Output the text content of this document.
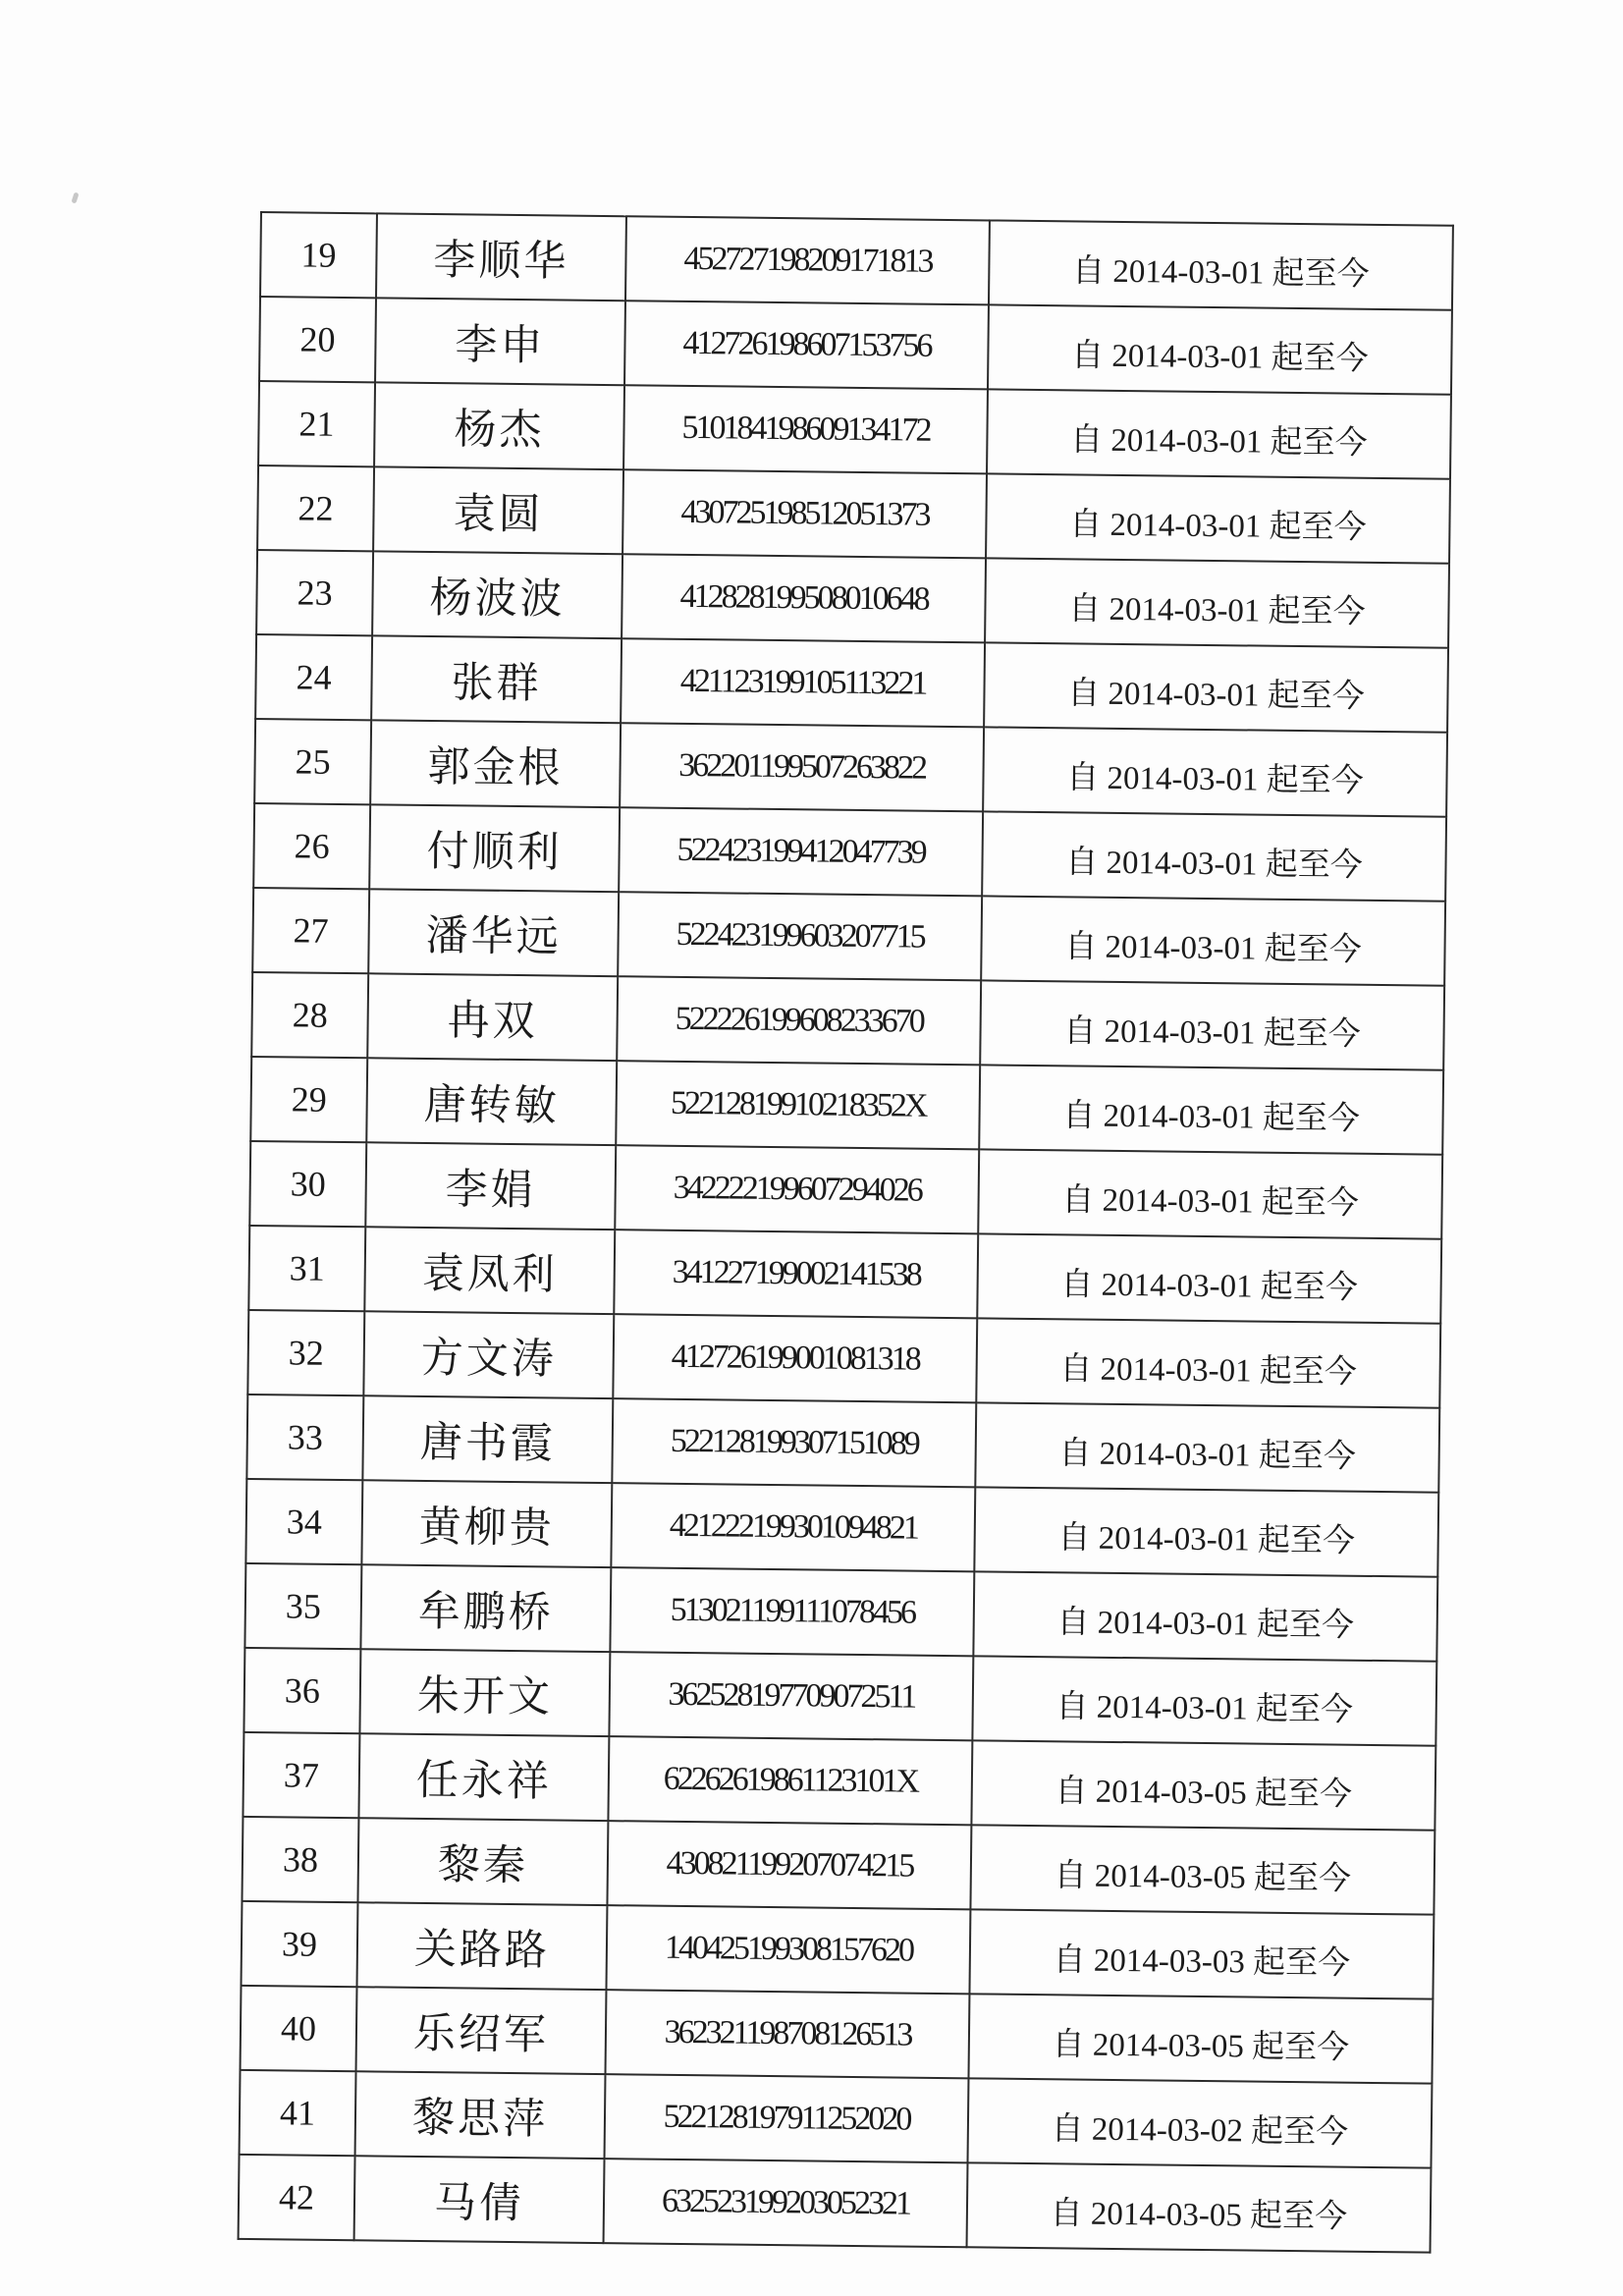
19	李顺华	452727198209171813	自 2014-03-01 起至今
20	李申	412726198607153756	自 2014-03-01 起至今
21	杨杰	510184198609134172	自 2014-03-01 起至今
22	袁圆	430725198512051373	自 2014-03-01 起至今
23	杨波波	412828199508010648	自 2014-03-01 起至今
24	张群	421123199105113221	自 2014-03-01 起至今
25	郭金根	362201199507263822	自 2014-03-01 起至今
26	付顺利	522423199412047739	自 2014-03-01 起至今
27	潘华远	522423199603207715	自 2014-03-01 起至今
28	冉双	522226199608233670	自 2014-03-01 起至今
29	唐转敏	52212819910218352X	自 2014-03-01 起至今
30	李娟	342222199607294026	自 2014-03-01 起至今
31	袁凤利	341227199002141538	自 2014-03-01 起至今
32	方文涛	412726199001081318	自 2014-03-01 起至今
33	唐书霞	522128199307151089	自 2014-03-01 起至今
34	黄柳贵	421222199301094821	自 2014-03-01 起至今
35	牟鹏桥	513021199111078456	自 2014-03-01 起至今
36	朱开文	362528197709072511	自 2014-03-01 起至今
37	任永祥	62262619861123101X	自 2014-03-05 起至今
38	黎秦	430821199207074215	自 2014-03-05 起至今
39	关路路	140425199308157620	自 2014-03-03 起至今
40	乐绍军	362321198708126513	自 2014-03-05 起至今
41	黎思萍	522128197911252020	自 2014-03-02 起至今
42	马倩	632523199203052321	自 2014-03-05 起至今
